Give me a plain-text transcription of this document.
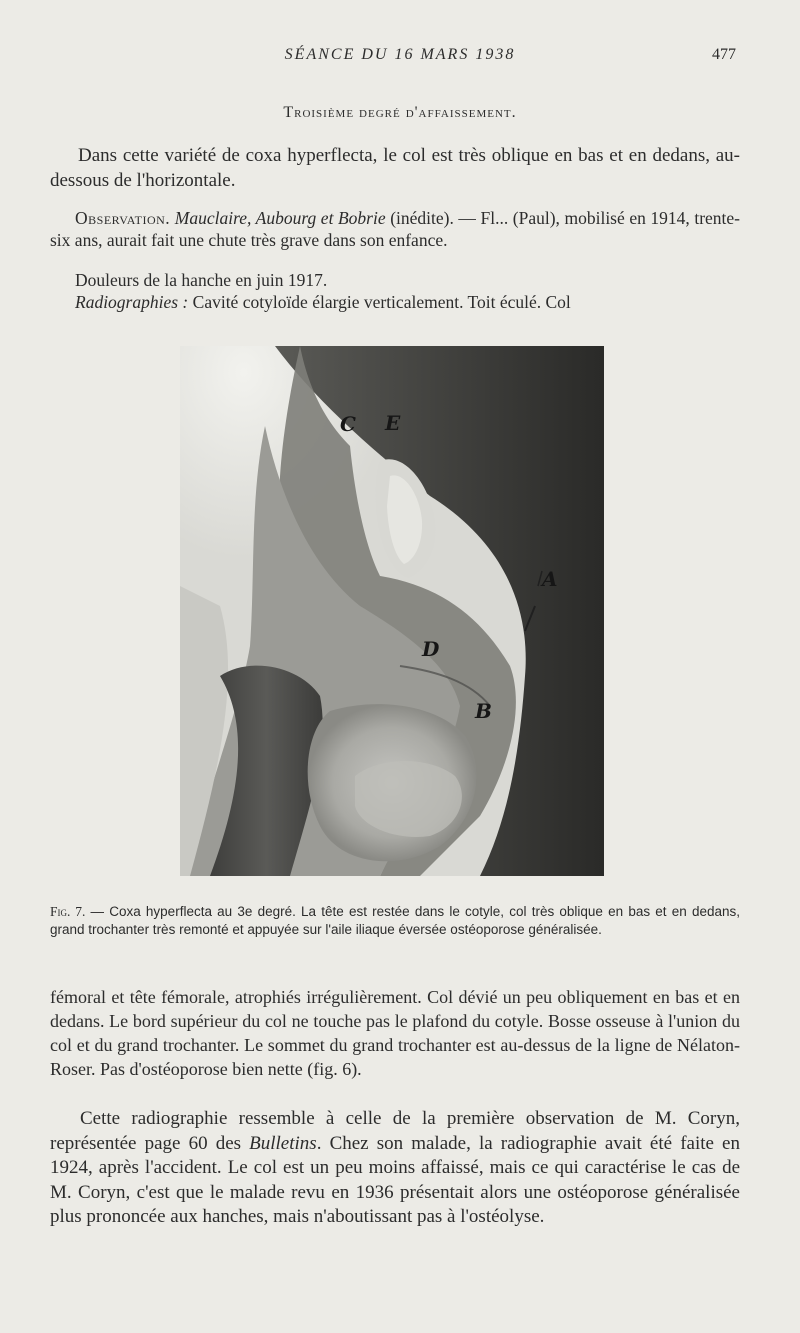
SÉANCE DU 16 MARS 1938	477
Troisième degré d'affaissement.

Dans cette variété de coxa hyperflecta, le col est très oblique en bas et en dedans, au-dessous de l'horizontale.

Observation. Mauclaire, Aubourg et Bobrie (inédite). — Fl... (Paul), mobilisé en 1914, trente-six ans, aurait fait une chute très grave dans son enfance.

Douleurs de la hanche en juin 1917.

Radiographies : Cavité cotyloïde élargie verticalement. Toit éculé. Col

C E
A
D
B

Fig. 7. — Coxa hyperflecta au 3e degré. La tête est restée dans le cotyle, col très oblique en bas et en dedans, grand trochanter très remonté et appuyée sur l'aile iliaque éversée ostéoporose généralisée.

fémoral et tête fémorale, atrophiés irrégulièrement. Col dévié un peu obliquement en bas et en dedans. Le bord supérieur du col ne touche pas le plafond du cotyle. Bosse osseuse à l'union du col et du grand trochanter. Le sommet du grand trochanter est au-dessus de la ligne de Nélaton-Roser. Pas d'ostéoporose bien nette (fig. 6).

Cette radiographie ressemble à celle de la première observation de M. Coryn, représentée page 60 des Bulletins. Chez son malade, la radiographie avait été faite en 1924, après l'accident. Le col est un peu moins affaissé, mais ce qui caractérise le cas de M. Coryn, c'est que le malade revu en 1936 présentait alors une ostéoporose généralisée plus prononcée aux hanches, mais n'aboutissant pas à l'ostéolyse.
